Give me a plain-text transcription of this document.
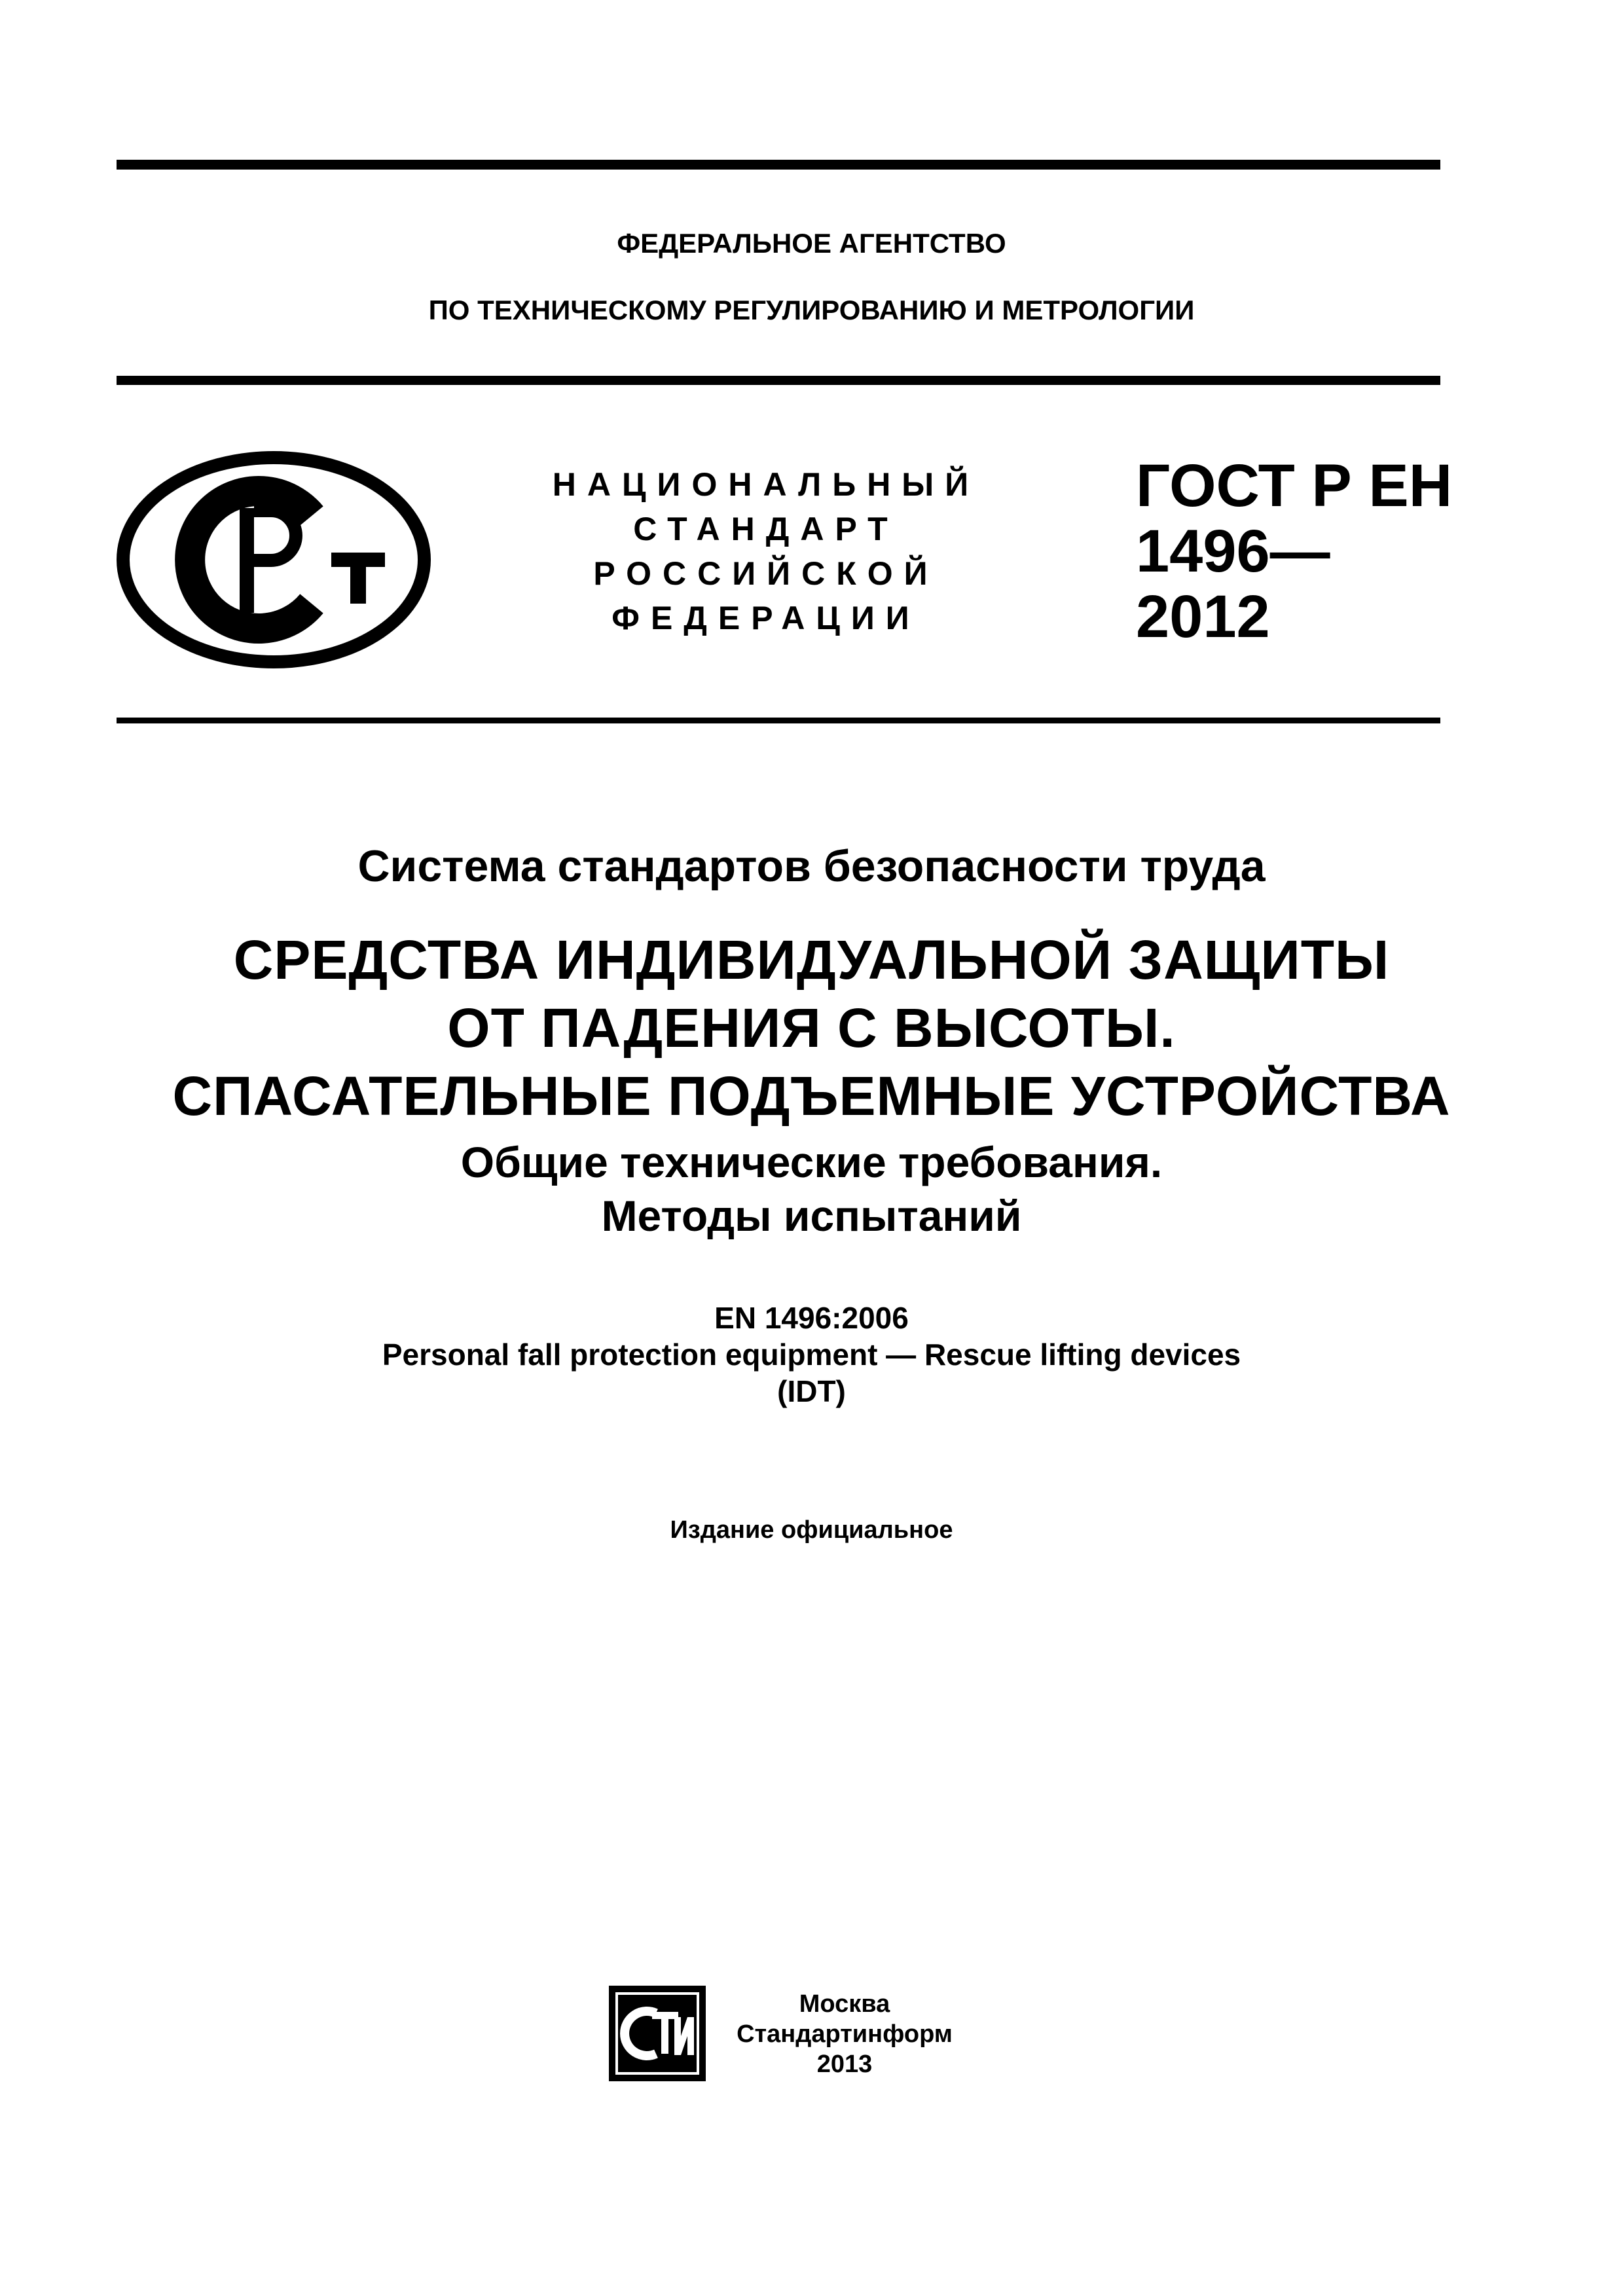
ФЕДЕРАЛЬНОЕ АГЕНТСТВО
ПО ТЕХНИЧЕСКОМУ РЕГУЛИРОВАНИЮ И МЕТРОЛОГИИ
НАЦИОНАЛЬНЫЙ
СТАНДАРТ
РОССИЙСКОЙ
ФЕДЕРАЦИИ
ГОСТ Р ЕН
1496—
2012
Система стандартов безопасности труда
СРЕДСТВА ИНДИВИДУАЛЬНОЙ ЗАЩИТЫ
ОТ ПАДЕНИЯ С ВЫСОТЫ.
СПАСАТЕЛЬНЫЕ ПОДЪЕМНЫЕ УСТРОЙСТВА
Общие технические требования.
Методы испытаний
EN 1496:2006
Personal fall protection equipment — Rescue lifting devices
(IDT)
Издание официальное
Москва
Стандартинформ
2013
